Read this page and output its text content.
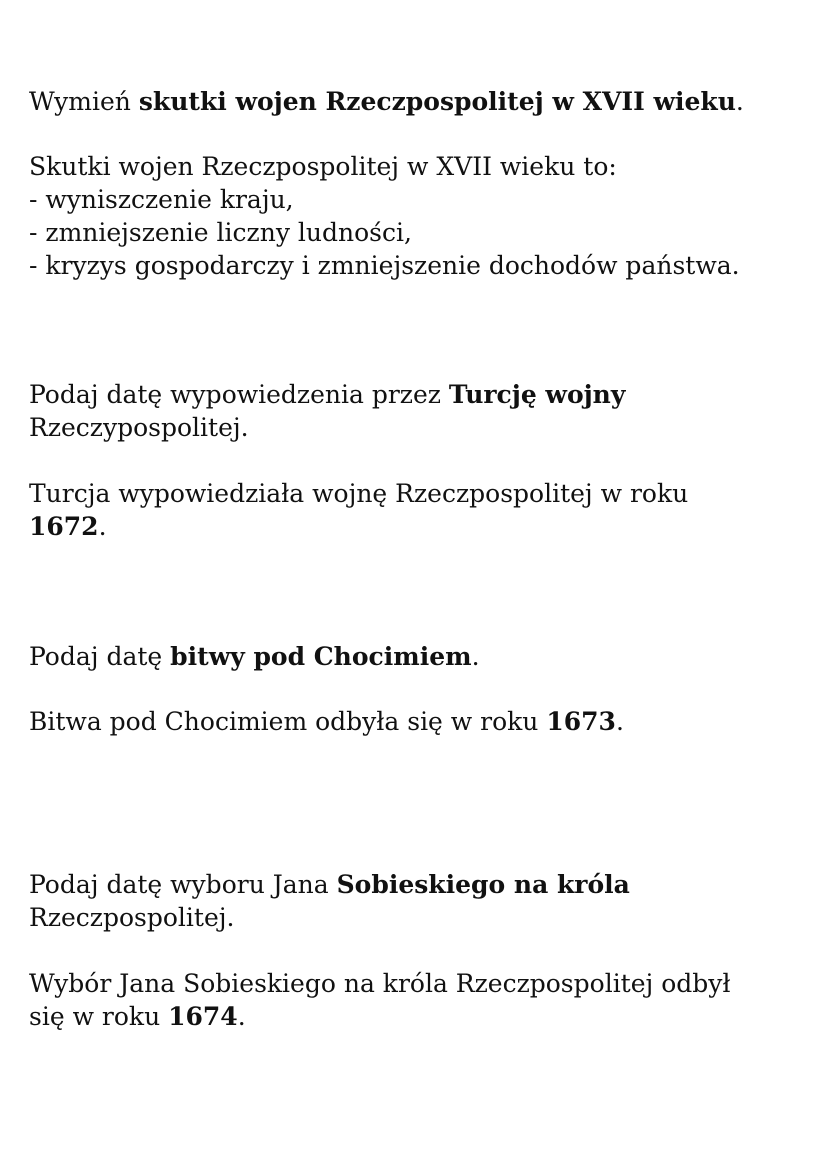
Wymień skutki wojen Rzeczpospolitej w XVII wieku.
Skutki wojen Rzeczpospolitej w XVII wieku to:
- wyniszczenie kraju,
- zmniejszenie liczny ludności,
- kryzys gospodarczy i zmniejszenie dochodów państwa.
Podaj datę wypowiedzenia przez Turcję wojny
Rzeczypospolitej.
Turcja wypowiedziała wojnę Rzeczpospolitej w roku
1672.
Podaj datę bitwy pod Chocimiem.
Bitwa pod Chocimiem odbyła się w roku 1673.
Podaj datę wyboru Jana Sobieskiego na króla
Rzeczpospolitej.
Wybór Jana Sobieskiego na króla Rzeczpospolitej odbył
się w roku 1674.
